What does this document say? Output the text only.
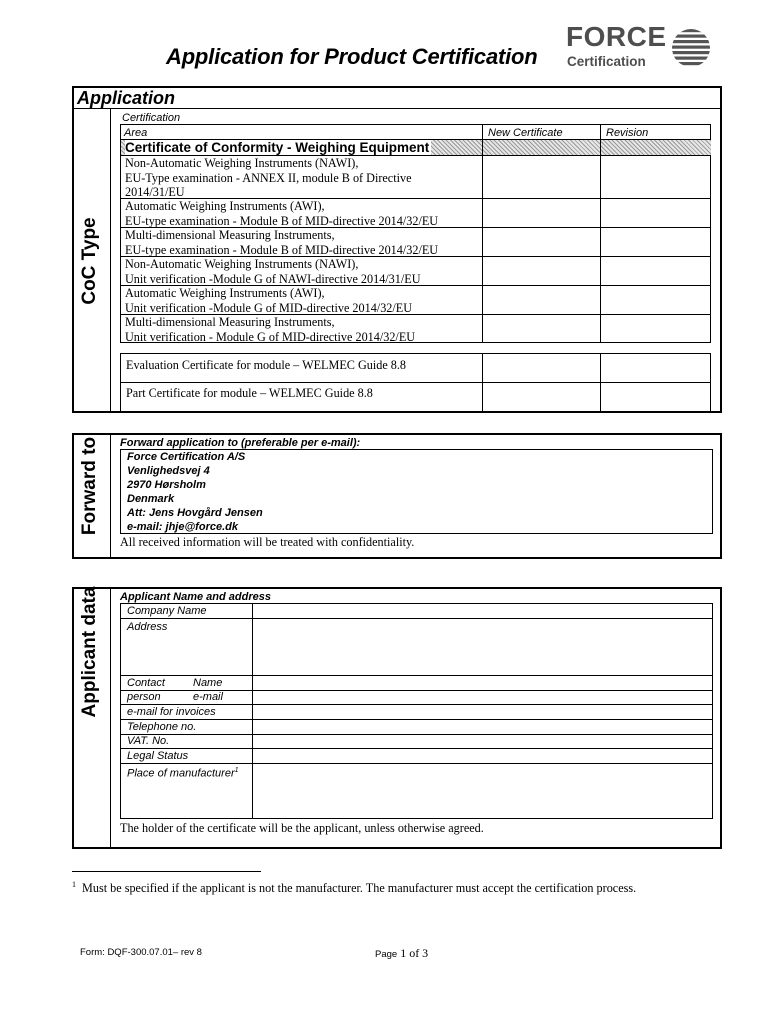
Application for Product Certification
FORCE
Certification
Application
CoC Type
Certification
Area	New Certificate	Revision
Certificate of Conformity - Weighing Equipment
Non-Automatic Weighing Instruments (NAWI),
EU-Type examination - ANNEX II, module B of Directive
2014/31/EU
Automatic Weighing Instruments (AWI),
EU-type examination - Module B of MID-directive 2014/32/EU
Multi-dimensional Measuring Instruments,
EU-type examination - Module B of MID-directive 2014/32/EU
Non-Automatic Weighing Instruments (NAWI),
Unit verification -Module G of NAWI-directive 2014/31/EU
Automatic Weighing Instruments (AWI),
Unit verification -Module G of MID-directive 2014/32/EU
Multi-dimensional Measuring Instruments,
Unit verification - Module G of MID-directive 2014/32/EU
Evaluation Certificate for module – WELMEC Guide 8.8
Part Certificate for module – WELMEC Guide 8.8
Forward to Forward application to (preferable per e-mail):
Force Certification A/S
Venlighedsvej 4
2970 Hørsholm
Denmark
Att: Jens Hovgård Jensen
e-mail: jhje@force.dk
All received information will be treated with confidentiality.
Applicant data Applicant Name and address
Company Name
Address
Contact	Name
person	e-mail
e-mail for invoices
Telephone no.
VAT. No.
Legal Status
Place of manufacturer$^1$
The holder of the certificate will be the applicant, unless otherwise agreed.
$^1$ Must be specified if the applicant is not the manufacturer. The manufacturer must accept the certification process.
Form: DQF-300.07.01– rev 8	Page 1 of 3
